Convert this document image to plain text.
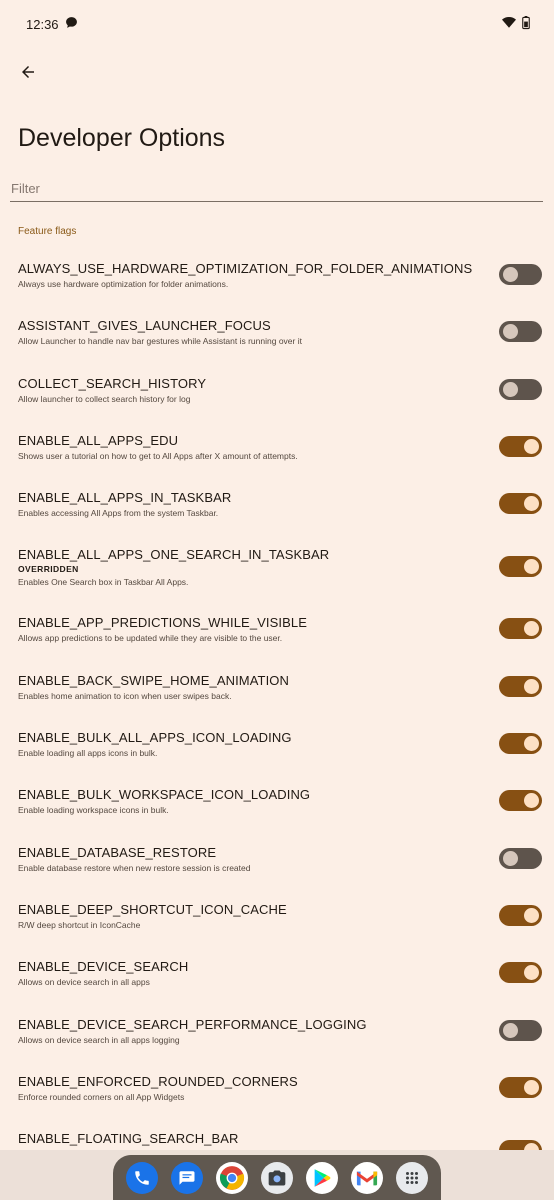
12:36
Developer Options
Filter
Feature flags
ALWAYS_USE_HARDWARE_OPTIMIZATION_FOR_FOLDER_ANIMATIONS
Always use hardware optimization for folder animations.
ASSISTANT_GIVES_LAUNCHER_FOCUS
Allow Launcher to handle nav bar gestures while Assistant is running over it
COLLECT_SEARCH_HISTORY
Allow launcher to collect search history for log
ENABLE_ALL_APPS_EDU
Shows user a tutorial on how to get to All Apps after X amount of attempts.
ENABLE_ALL_APPS_IN_TASKBAR
Enables accessing All Apps from the system Taskbar.
ENABLE_ALL_APPS_ONE_SEARCH_IN_TASKBAR
OVERRIDDEN
Enables One Search box in Taskbar All Apps.
ENABLE_APP_PREDICTIONS_WHILE_VISIBLE
Allows app predictions to be updated while they are visible to the user.
ENABLE_BACK_SWIPE_HOME_ANIMATION
Enables home animation to icon when user swipes back.
ENABLE_BULK_ALL_APPS_ICON_LOADING
Enable loading all apps icons in bulk.
ENABLE_BULK_WORKSPACE_ICON_LOADING
Enable loading workspace icons in bulk.
ENABLE_DATABASE_RESTORE
Enable database restore when new restore session is created
ENABLE_DEEP_SHORTCUT_ICON_CACHE
R/W deep shortcut in IconCache
ENABLE_DEVICE_SEARCH
Allows on device search in all apps
ENABLE_DEVICE_SEARCH_PERFORMANCE_LOGGING
Allows on device search in all apps logging
ENABLE_ENFORCED_ROUNDED_CORNERS
Enforce rounded corners on all App Widgets
ENABLE_FLOATING_SEARCH_BAR
